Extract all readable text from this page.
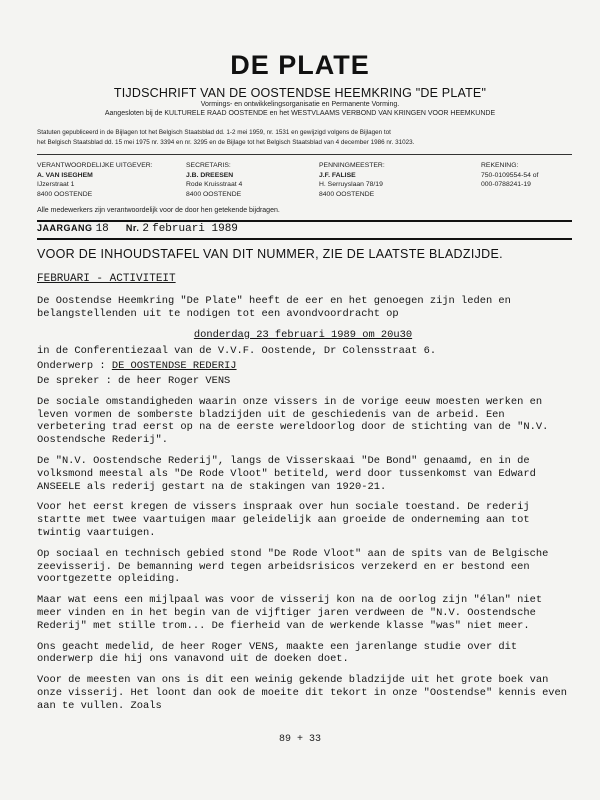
DE PLATE
TIJDSCHRIFT VAN DE OOSTENDSE HEEMKRING "DE PLATE"
Vormings- en ontwikkelingsorganisatie en Permanente Vorming.
Aangesloten bij de KULTURELE RAAD OOSTENDE en het WESTVLAAMS VERBOND VAN KRINGEN VOOR HEEMKUNDE
Statuten gepubliceerd in de Bijlagen tot het Belgisch Staatsblad dd. 1-2 mei 1959, nr. 1531 en gewijzigd volgens de Bijlagen tot
het Belgisch Staatsblad dd. 15 mei 1975 nr. 3394 en nr. 3295 en de Bijlage tot het Belgisch Staatsblad van 4 december 1986 nr. 31023.
VERANTWOORDELIJKE UITGEVER:
A. VAN ISEGHEM
IJzerstraat 1
8400 OOSTENDE
SECRETARIS:
J.B. DREESEN
Rode Kruisstraat 4
8400 OOSTENDE
PENNINGMEESTER:
J.F. FALISE
H. Serruyslaan 78/19
8400 OOSTENDE
REKENING:
750-0109554-54 of
000-0788241-19
Alle medewerkers zijn verantwoordelijk voor de door hen getekende bijdragen.
JAARGANG 18 Nr. 2 februari 1989
VOOR DE INHOUDSTAFEL VAN DIT NUMMER, ZIE DE LAATSTE BLADZIJDE.
FEBRUARI - ACTIVITEIT

De Oostendse Heemkring "De Plate" heeft de eer en het genoegen zijn leden en belangstellenden uit te nodigen tot een avondvoordracht op

donderdag 23 februari 1989 om 20u30

in de Conferentiezaal van de V.V.F. Oostende, Dr Colensstraat 6.

Onderwerp : DE OOSTENDSE REDERIJ

De spreker : de heer Roger VENS

De sociale omstandigheden waarin onze vissers in de vorige eeuw moesten werken en leven vormen de somberste bladzijden uit de geschiedenis van de arbeid. Een verbetering trad eerst op na de eerste wereldoorlog door de stichting van de "N.V. Oostendsche Rederij".

De "N.V. Oostendsche Rederij", langs de Visserskaai "De Bond" genaamd, en in de volksmond meestal als "De Rode Vloot" betiteld, werd door tussenkomst van Edward ANSEELE als rederij gestart na de stakingen van 1920-21.

Voor het eerst kregen de vissers inspraak over hun sociale toestand. De rederij startte met twee vaartuigen maar geleidelijk aan groeide de onderneming aan tot twintig vaartuigen.

Op sociaal en technisch gebied stond "De Rode Vloot" aan de spits van de Belgische zeevisserij. De bemanning werd tegen arbeidsrisicos verzekerd en er bestond een voortgezette opleiding.

Maar wat eens een mijlpaal was voor de visserij kon na de oorlog zijn "élan" niet meer vinden en in het begin van de vijftiger jaren verdween de "N.V. Oostendsche Rederij" met stille trom... De fierheid van de werkende klasse "was" niet meer.

Ons geacht medelid, de heer Roger VENS, maakte een jarenlange studie over dit onderwerp die hij ons vanavond uit de doeken doet.

Voor de meesten van ons is dit een weinig gekende bladzijde uit het grote boek van onze visserij. Het loont dan ook de moeite dit tekort in onze "Oostendse" kennis even aan te vullen. Zoals

89 + 33
